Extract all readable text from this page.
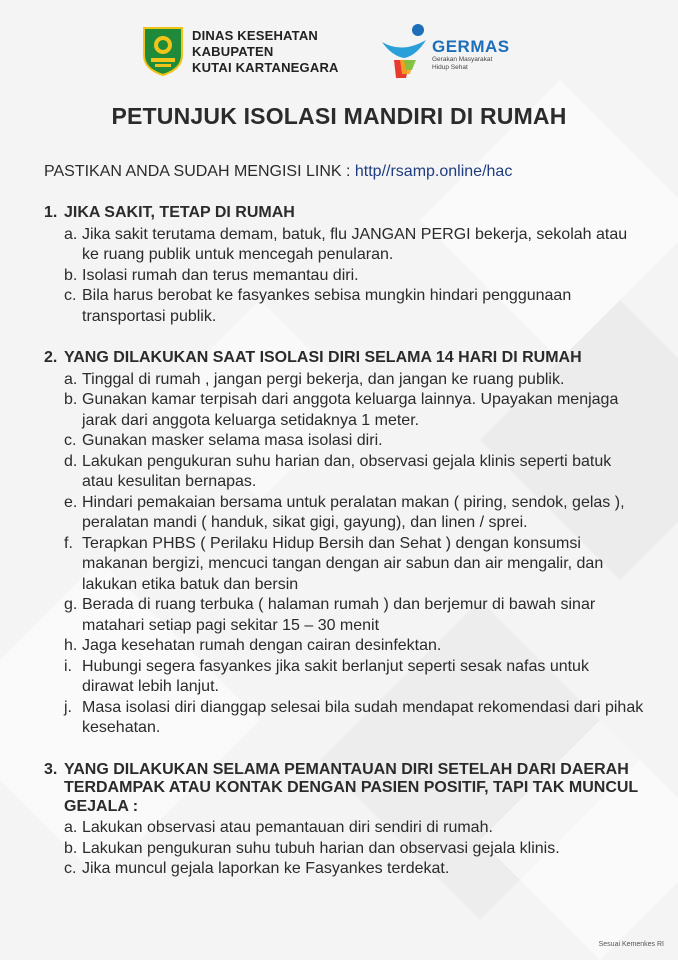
DINAS KESEHATAN
KABUPATEN
KUTAI KARTANEGARA
GERMAS
Gerakan Masyarakat
Hidup Sehat
PETUNJUK ISOLASI MANDIRI DI RUMAH
PASTIKAN ANDA SUDAH MENGISI LINK : http//rsamp.online/hac
1. JIKA SAKIT, TETAP DI RUMAH
a. Jika sakit terutama demam, batuk, flu JANGAN PERGI bekerja, sekolah atau ke ruang publik untuk mencegah penularan.
b. Isolasi rumah dan terus memantau diri.
c. Bila harus berobat ke fasyankes sebisa mungkin hindari penggunaan transportasi publik.
2. YANG DILAKUKAN SAAT ISOLASI DIRI SELAMA 14 HARI DI RUMAH
a. Tinggal di rumah , jangan pergi bekerja, dan jangan ke ruang publik.
b. Gunakan kamar terpisah dari anggota keluarga lainnya. Upayakan menjaga jarak dari anggota keluarga setidaknya 1 meter.
c. Gunakan masker selama masa isolasi diri.
d. Lakukan pengukuran suhu harian dan, observasi gejala klinis seperti batuk atau kesulitan bernapas.
e. Hindari pemakaian bersama untuk peralatan makan ( piring, sendok, gelas ), peralatan mandi ( handuk, sikat gigi, gayung), dan linen / sprei.
f. Terapkan PHBS ( Perilaku Hidup Bersih dan Sehat ) dengan konsumsi makanan bergizi, mencuci tangan dengan air sabun dan air mengalir, dan lakukan etika batuk dan bersin
g. Berada di ruang terbuka ( halaman rumah ) dan berjemur di bawah sinar matahari setiap pagi sekitar 15 – 30 menit
h. Jaga kesehatan rumah dengan cairan desinfektan.
i. Hubungi segera fasyankes jika sakit berlanjut seperti sesak nafas untuk dirawat lebih lanjut.
j. Masa isolasi diri dianggap selesai bila sudah mendapat rekomendasi dari pihak kesehatan.
3. YANG DILAKUKAN SELAMA PEMANTAUAN DIRI SETELAH DARI DAERAH TERDAMPAK ATAU KONTAK DENGAN PASIEN POSITIF, TAPI TAK MUNCUL GEJALA :
a. Lakukan observasi atau pemantauan diri sendiri di rumah.
b. Lakukan pengukuran suhu tubuh harian dan observasi gejala klinis.
c. Jika muncul gejala laporkan ke Fasyankes terdekat.
Sesuai Kemenkes RI
